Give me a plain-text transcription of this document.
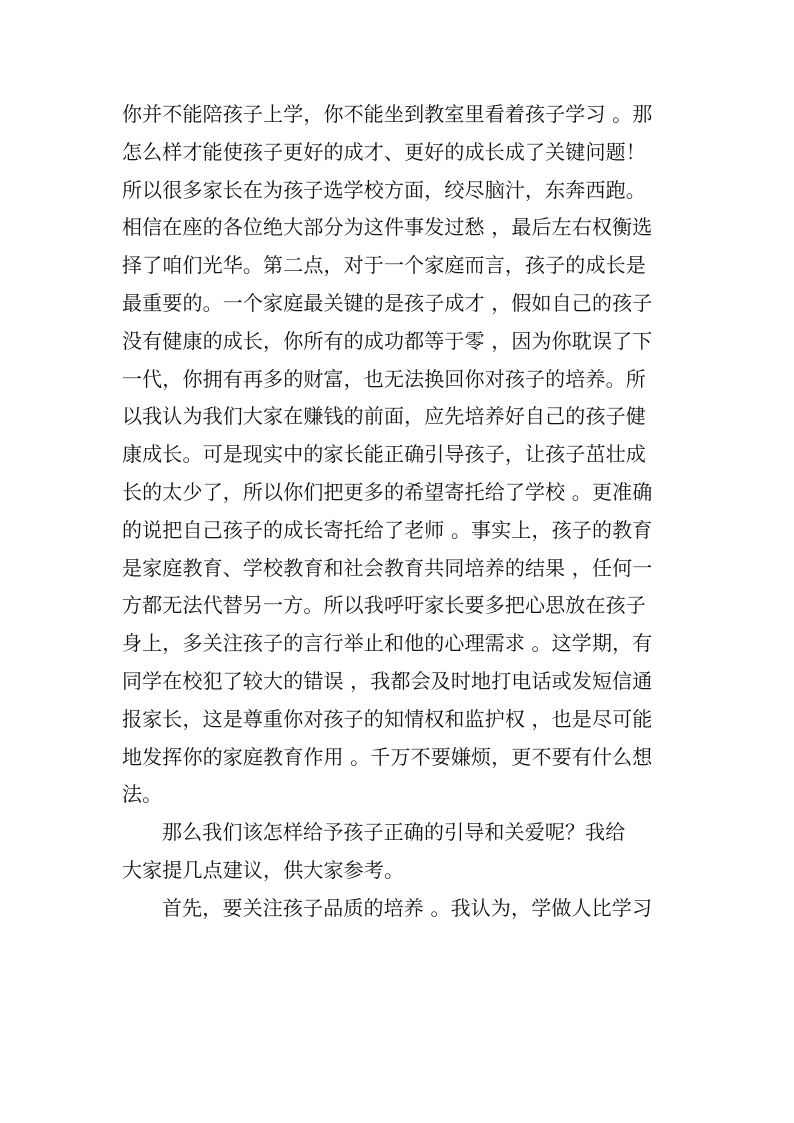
你并不能陪孩子上学，你不能坐到教室里看着孩子学习 。那
怎么样才能使孩子更好的成才、更好的成长成了关键问题！
所以很多家长在为孩子选学校方面，绞尽脑汁，东奔西跑。
相信在座的各位绝大部分为这件事发过愁 ，最后左右权衡选
择了咱们光华。第二点，对于一个家庭而言，孩子的成长是
最重要的。一个家庭最关键的是孩子成才 ，假如自己的孩子
没有健康的成长，你所有的成功都等于零 ，因为你耽误了下
一代，你拥有再多的财富，也无法换回你对孩子的培养。所
以我认为我们大家在赚钱的前面，应先培养好自己的孩子健
康成长。可是现实中的家长能正确引导孩子，让孩子茁壮成
长的太少了，所以你们把更多的希望寄托给了学校 。更准确
的说把自己孩子的成长寄托给了老师 。事实上，孩子的教育
是家庭教育、学校教育和社会教育共同培养的结果 ，任何一
方都无法代替另一方。所以我呼吁家长要多把心思放在孩子
身上，多关注孩子的言行举止和他的心理需求 。这学期，有
同学在校犯了较大的错误 ，我都会及时地打电话或发短信通
报家长，这是尊重你对孩子的知情权和监护权 ，也是尽可能
地发挥你的家庭教育作用 。千万不要嫌烦，更不要有什么想
法。
那么我们该怎样给予孩子正确的引导和关爱呢？我给
大家提几点建议，供大家参考。
首先，要关注孩子品质的培养 。我认为，学做人比学习
